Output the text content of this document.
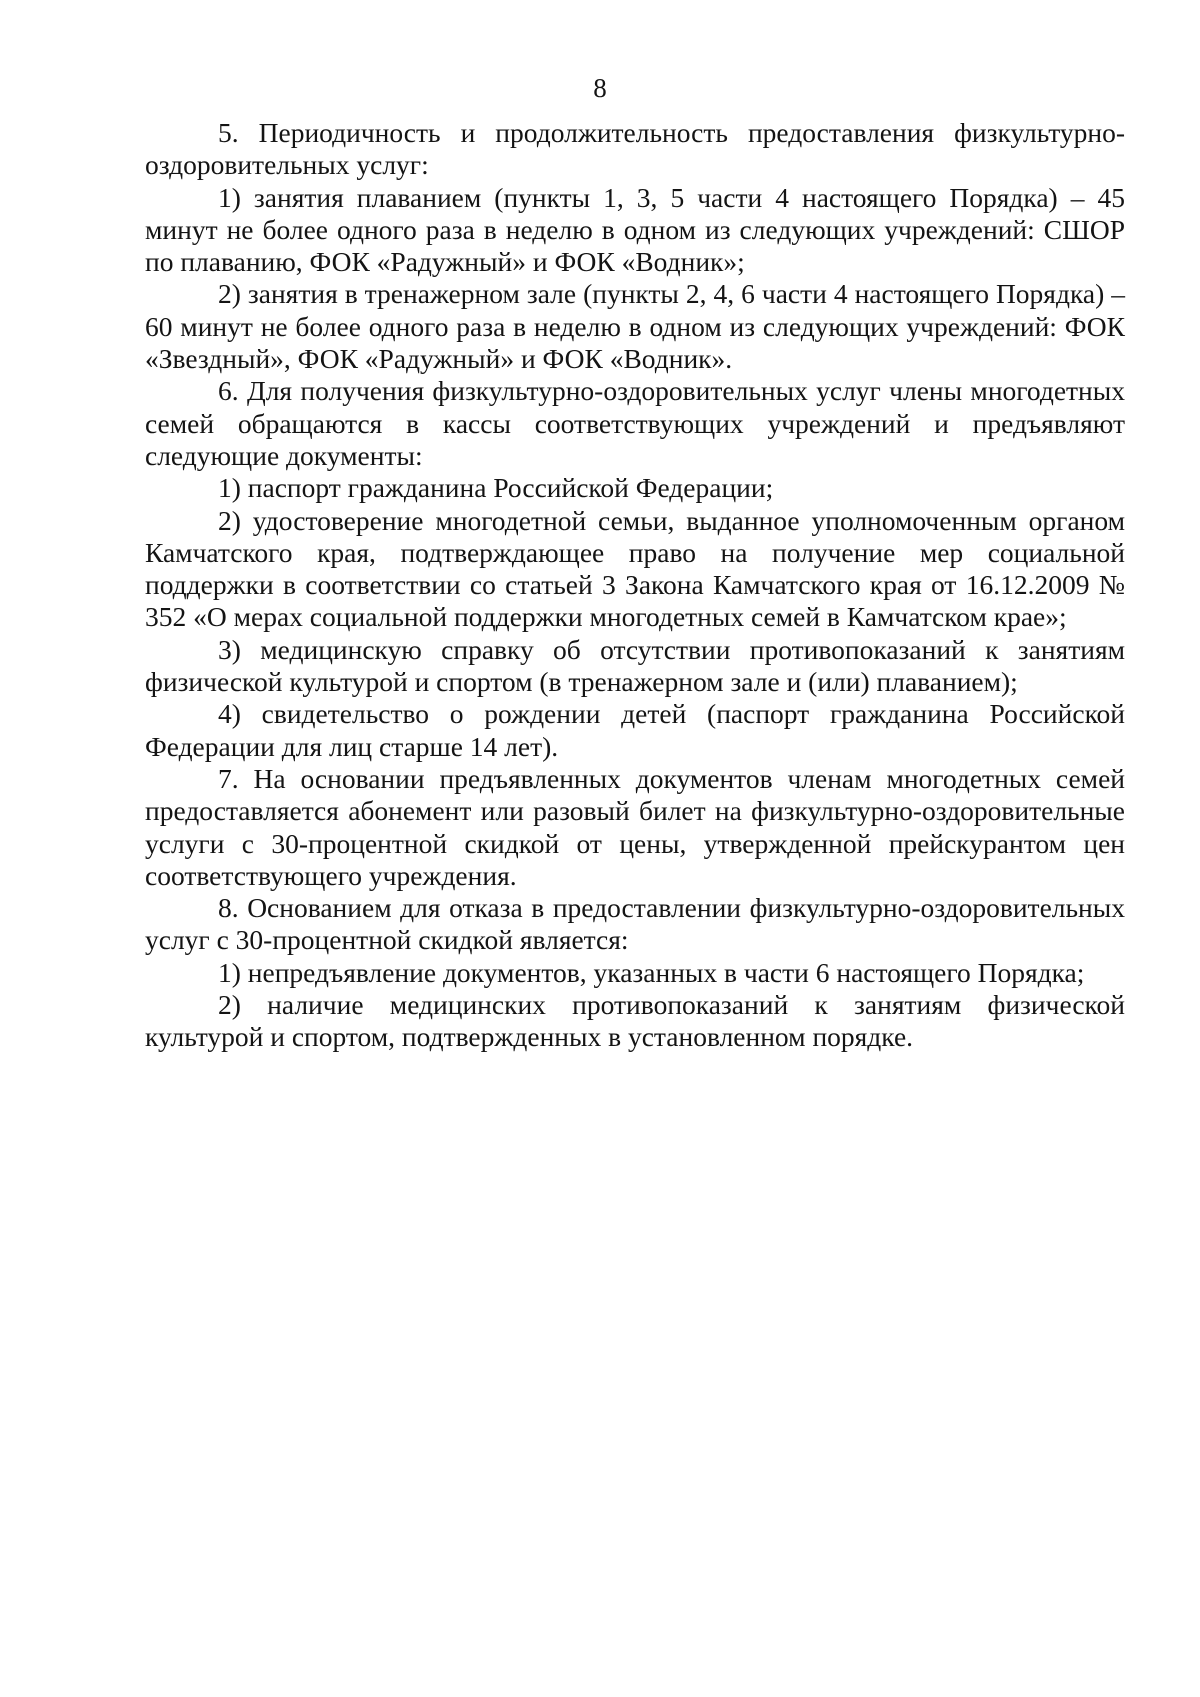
8

5. Периодичность и продолжительность предоставления физкультурно-оздоровительных услуг:

1) занятия плаванием (пункты 1, 3, 5 части 4 настоящего Порядка) – 45 минут не более одного раза в неделю в одном из следующих учреждений: СШОР по плаванию, ФОК «Радужный» и ФОК «Водник»;

2) занятия в тренажерном зале (пункты 2, 4, 6 части 4 настоящего Порядка) – 60 минут не более одного раза в неделю в одном из следующих учреждений: ФОК «Звездный», ФОК «Радужный» и ФОК «Водник».

6. Для получения физкультурно-оздоровительных услуг члены многодетных семей обращаются в кассы соответствующих учреждений и предъявляют следующие документы:

1) паспорт гражданина Российской Федерации;

2) удостоверение многодетной семьи, выданное уполномоченным органом Камчатского края, подтверждающее право на получение мер социальной поддержки в соответствии со статьей 3 Закона Камчатского края от 16.12.2009 № 352 «О мерах социальной поддержки многодетных семей в Камчатском крае»;

3) медицинскую справку об отсутствии противопоказаний к занятиям физической культурой и спортом (в тренажерном зале и (или) плаванием);

4) свидетельство о рождении детей (паспорт гражданина Российской Федерации для лиц старше 14 лет).

7. На основании предъявленных документов членам многодетных семей предоставляется абонемент или разовый билет на физкультурно-оздоровительные услуги с 30-процентной скидкой от цены, утвержденной прейскурантом цен соответствующего учреждения.

8. Основанием для отказа в предоставлении физкультурно-оздоровительных услуг с 30-процентной скидкой является:

1) непредъявление документов, указанных в части 6 настоящего Порядка;

2) наличие медицинских противопоказаний к занятиям физической культурой и спортом, подтвержденных в установленном порядке.
